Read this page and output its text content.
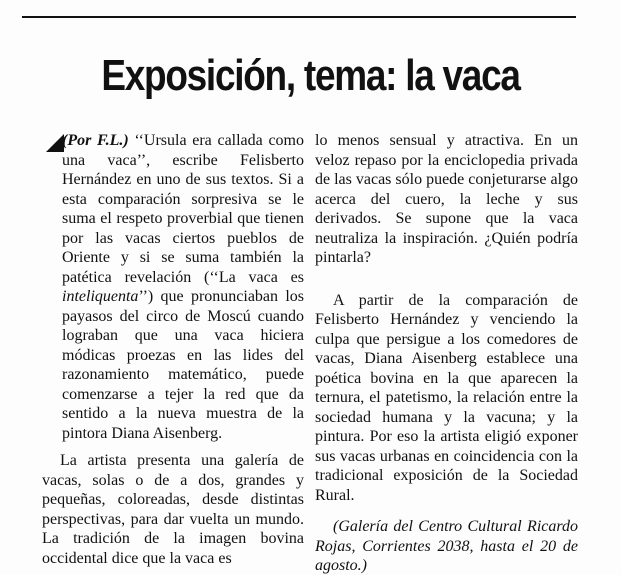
Exposición, tema: la vaca

(Por F.L.) ‘‘Ursula era callada como una vaca’’, escribe Felisberto Hernández en uno de sus textos. Si a esta comparación sorpresiva se le suma el respeto proverbial que tienen por las vacas ciertos pueblos de Oriente y si se suma también la patética revelación (‘‘La vaca es inteliquenta’’) que pronunciaban los payasos del circo de Moscú cuando lograban que una vaca hiciera módicas proezas en las lides del razonamiento matemático, puede comenzarse a tejer la red que da sentido a la nueva muestra de la pintora Diana Aisenberg.

La artista presenta una galería de vacas, solas o de a dos, grandes y pequeñas, coloreadas, desde distintas perspectivas, para dar vuelta un mundo. La tradición de la imagen bovina occidental dice que la vaca es

lo menos sensual y atractiva. En un veloz repaso por la enciclopedia privada de las vacas sólo puede conjeturarse algo acerca del cuero, la leche y sus derivados. Se supone que la vaca neutraliza la inspiración. ¿Quién podría pintarla?

A partir de la comparación de Felisberto Hernández y venciendo la culpa que persigue a los comedores de vacas, Diana Aisenberg establece una poética bovina en la que aparecen la ternura, el patetismo, la relación entre la sociedad humana y la vacuna; y la pintura. Por eso la artista eligió exponer sus vacas urbanas en coincidencia con la tradicional exposición de la Sociedad Rural.

(Galería del Centro Cultural Ricardo Rojas, Corrientes 2038, hasta el 20 de agosto.)
